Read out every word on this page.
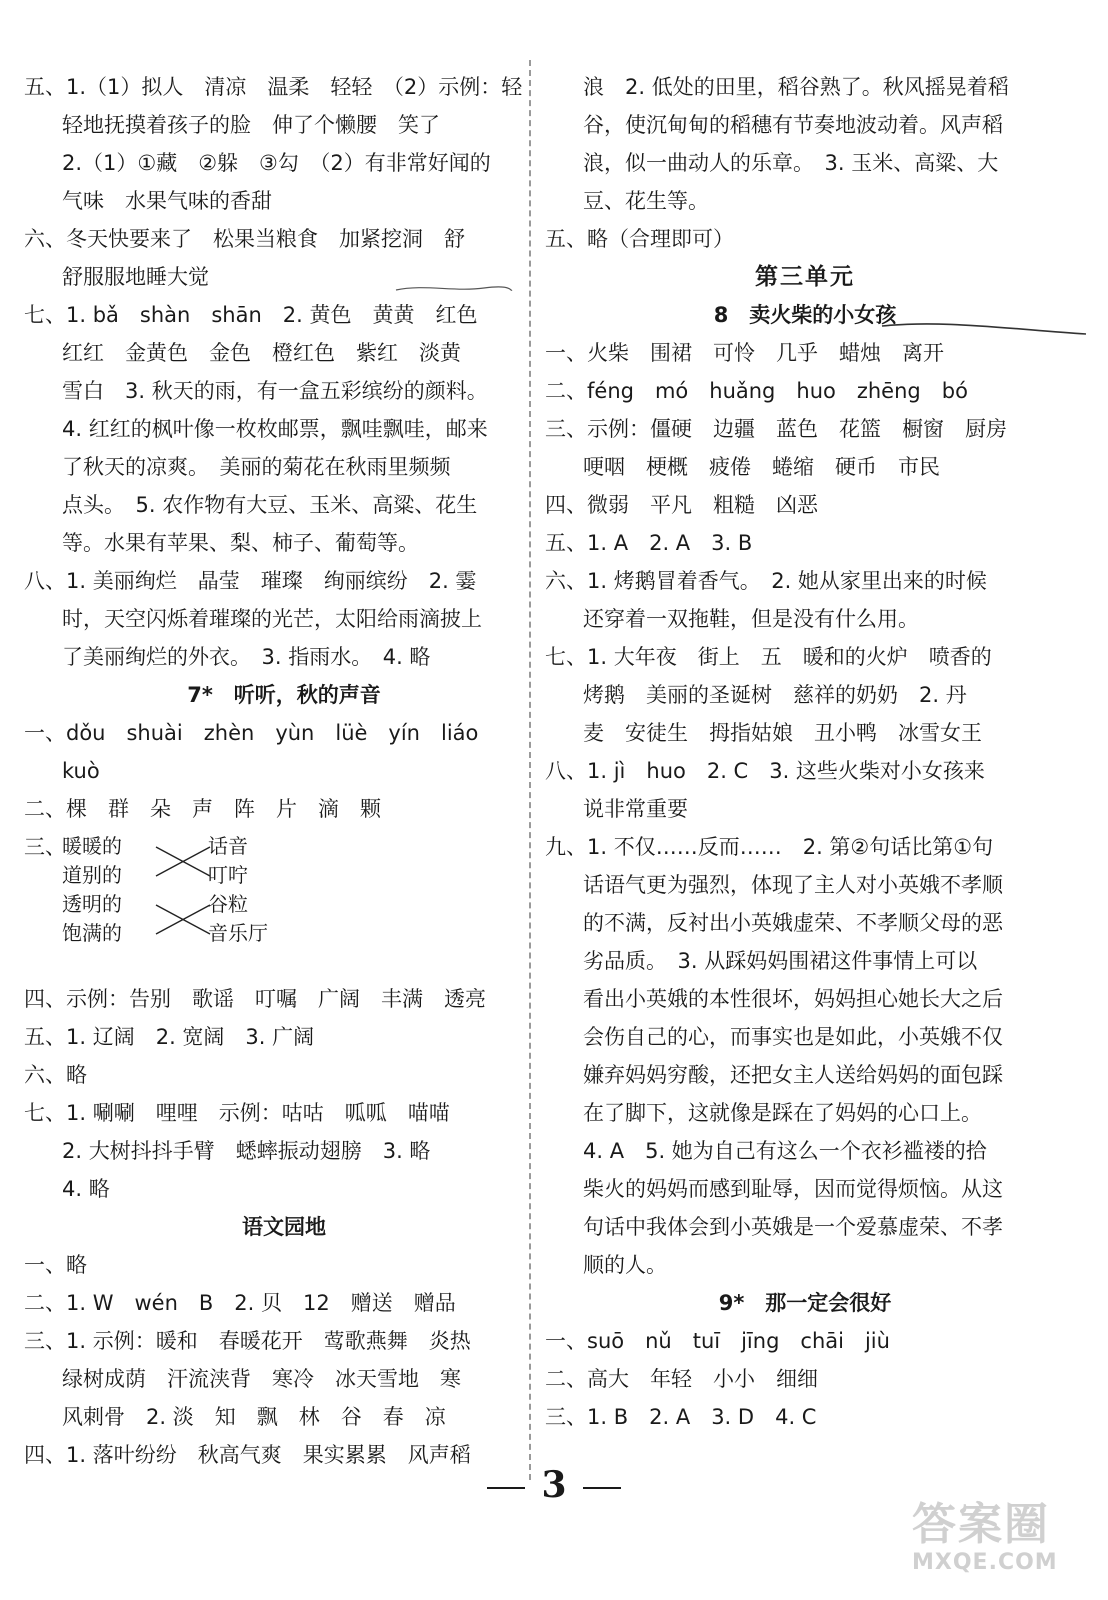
五、1.（1）拟人　清凉　温柔　轻轻　（2）示例：轻
轻地抚摸着孩子的脸　伸了个懒腰　笑了
2.（1）①藏　②躲　③勾　（2）有非常好闻的
气味　水果气味的香甜
六、冬天快要来了　松果当粮食　加紧挖洞　舒
舒服服地睡大觉
七、1. bǎ　shàn　shān　2. 黄色　黄黄　红色
红红　金黄色　金色　橙红色　紫红　淡黄
雪白　3. 秋天的雨，有一盒五彩缤纷的颜料。
4. 红红的枫叶像一枚枚邮票，飘哇飘哇，邮来
了秋天的凉爽。　美丽的菊花在秋雨里频频
点头。　5. 农作物有大豆、玉米、高粱、花生
等。水果有苹果、梨、柿子、葡萄等。
八、1. 美丽绚烂　晶莹　璀璨　绚丽缤纷　2. 霎
时，天空闪烁着璀璨的光芒，太阳给雨滴披上
了美丽绚烂的外衣。　3. 指雨水。　4. 略
7*　听听，秋的声音
一、dǒu　shuài　zhèn　yùn　lüè　yín　liáo
kuò
二、棵　群　朵　声　阵　片　滴　颗
三、
暖暖的
道别的
透明的
饱满的
话音
叮咛
谷粒
音乐厅
四、示例：告别　歌谣　叮嘱　广阔　丰满　透亮
五、1. 辽阔　2. 宽阔　3. 广阔
六、略
七、1. 唰唰　哩哩　示例：咕咕　呱呱　喵喵
2. 大树抖抖手臂　蟋蟀振动翅膀　3. 略
4. 略
语文园地
一、略
二、1. W　wén　B　2. 贝　12　赠送　赠品
三、1. 示例：暖和　春暖花开　莺歌燕舞　炎热
绿树成荫　汗流浃背　寒冷　冰天雪地　寒
风刺骨　2. 淡　知　飘　林　谷　春　凉
四、1. 落叶纷纷　秋高气爽　果实累累　风声稻
浪　2. 低处的田里，稻谷熟了。秋风摇晃着稻
谷，使沉甸甸的稻穗有节奏地波动着。风声稻
浪，似一曲动人的乐章。　3. 玉米、高粱、大
豆、花生等。
五、略（合理即可）
第三单元
8　卖火柴的小女孩
一、火柴　围裙　可怜　几乎　蜡烛　离开
二、féng　mó　huǎng　huo　zhēng　bó
三、示例：僵硬　边疆　蓝色　花篮　橱窗　厨房
哽咽　梗概　疲倦　蜷缩　硬币　市民
四、微弱　平凡　粗糙　凶恶
五、1. A　2. A　3. B
六、1. 烤鹅冒着香气。　2. 她从家里出来的时候
还穿着一双拖鞋，但是没有什么用。
七、1. 大年夜　街上　五　暖和的火炉　喷香的
烤鹅　美丽的圣诞树　慈祥的奶奶　2. 丹
麦　安徒生　拇指姑娘　丑小鸭　冰雪女王
八、1. jì　huo　2. C　3. 这些火柴对小女孩来
说非常重要
九、1. 不仅……反而……　2. 第②句话比第①句
话语气更为强烈，体现了主人对小英娥不孝顺
的不满，反衬出小英娥虚荣、不孝顺父母的恶
劣品质。　3. 从踩妈妈围裙这件事情上可以
看出小英娥的本性很坏，妈妈担心她长大之后
会伤自己的心，而事实也是如此，小英娥不仅
嫌弃妈妈穷酸，还把女主人送给妈妈的面包踩
在了脚下，这就像是踩在了妈妈的心口上。
4. A　5. 她为自己有这么一个衣衫褴褛的拾
柴火的妈妈而感到耻辱，因而觉得烦恼。从这
句话中我体会到小英娥是一个爱慕虚荣、不孝
顺的人。
9*　那一定会很好
一、suō　nǔ　tuī　jīng　chāi　jiù
二、高大　年轻　小小　细细
三、1. B　2. A　3. D　4. C
3
答案圈
MXQE.COM
